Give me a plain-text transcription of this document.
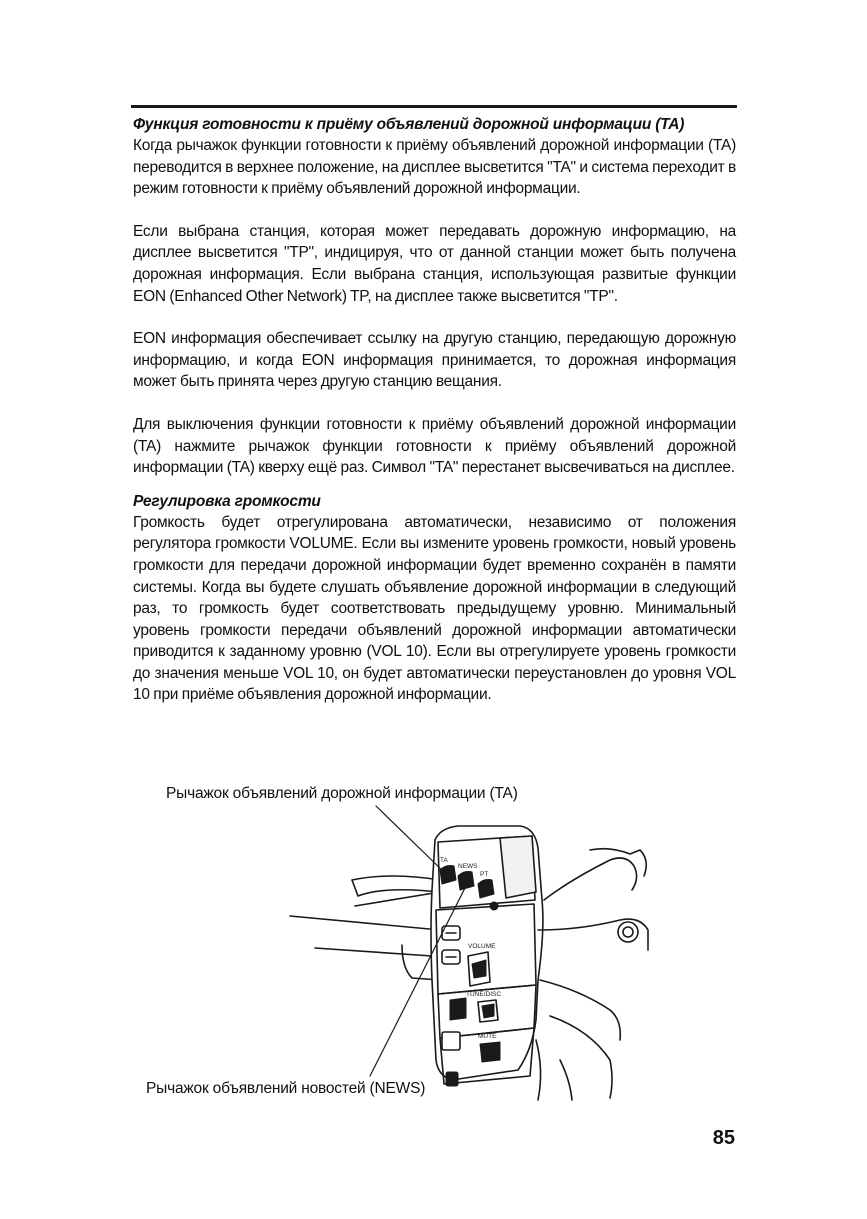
Функция готовности к приёму объявлений дорожной информации (TA)

Когда рычажок функции готовности к приёму объявлений дорожной информации (TA) переводится в верхнее положение, на дисплее высветится "TA" и система переходит в режим готовности к приёму объявлений дорожной информации.

Если выбрана станция, которая может передавать дорожную информацию, на дисплее высветится "TP", индицируя, что от данной станции может быть получена дорожная информация. Если выбрана станция, использующая развитые функции EON (Enhanced Other Network) TP, на дисплее также высветится "TP".

EON информация обеспечивает ссылку на другую станцию, передающую дорожную информацию, и когда EON информация принимается, то дорожная информация может быть принята через другую станцию вещания.

Для выключения функции готовности к приёму объявлений дорожной информации (TA) нажмите рычажок функции готовности к приёму объявлений дорожной информации (TA) кверху ещё раз. Символ "TA" перестанет высвечиваться на дисплее.

Регулировка громкости

Громкость будет отрегулирована автоматически, независимо от положения регулятора громкости VOLUME. Если вы измените уровень громкости, новый уровень громкости для передачи дорожной информации будет временно сохранён в памяти системы. Когда вы будете слушать объявление дорожной информации в следующий раз, то громкость будет соответствовать предыдущему уровню. Минимальный уровень громкости передачи объявлений дорожной информации автоматически приводится к заданному уровню (VOL 10). Если вы отрегулируете уровень громкости до значения меньше VOL 10, он будет автоматически переустановлен до уровня VOL 10 при приёме объявления дорожной информации.

TA
NEWS
PT
VOLUME
TUNE/DISC
MUTE
Рычажок объявлений дорожной информации (TA)
Рычажок объявлений новостей (NEWS)
85
